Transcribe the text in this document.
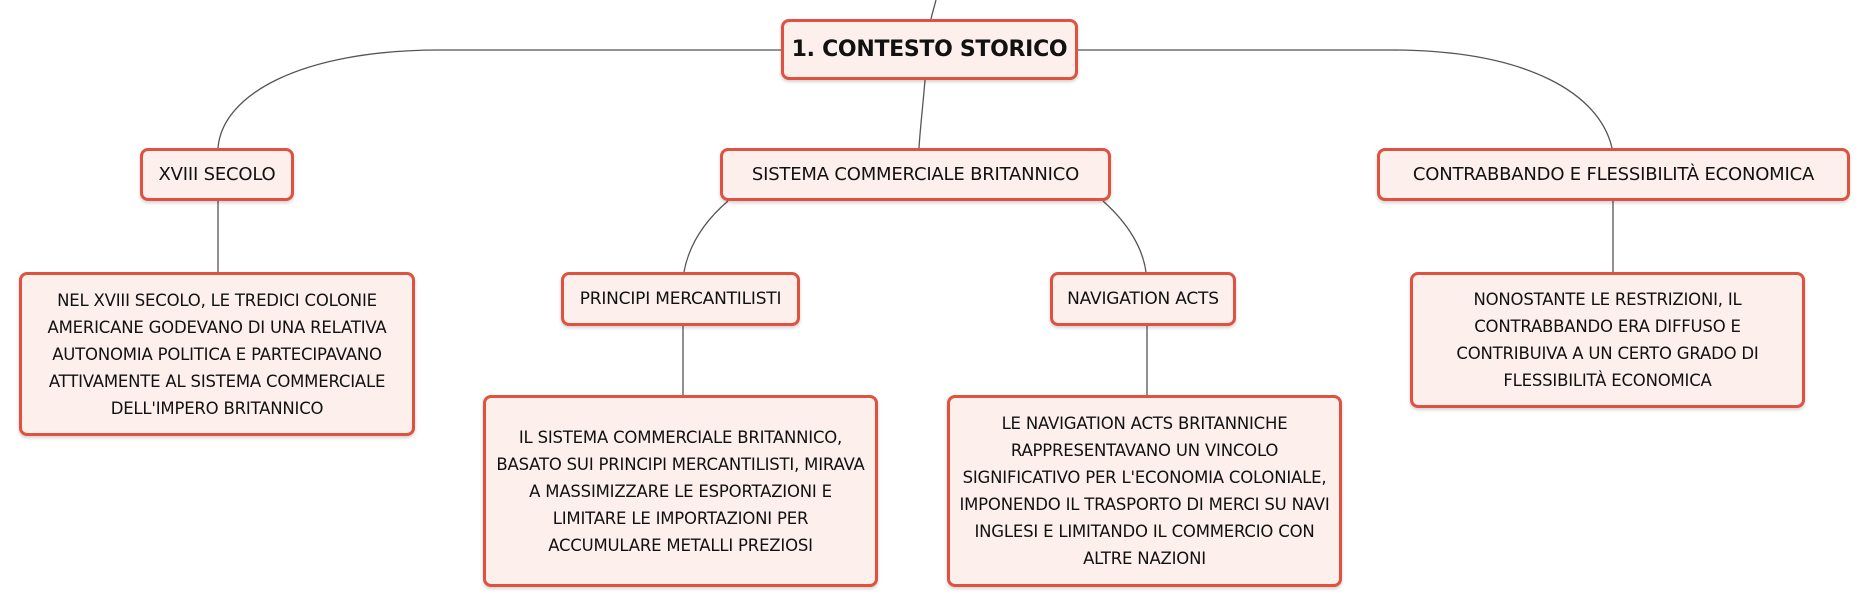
1. CONTESTO STORICO
XVIII SECOLO	SISTEMA COMMERCIALE BRITANNICO	CONTRABBANDO E FLESSIBILITÀ ECONOMICA
NEL XVIII SECOLO, LE TREDICI COLONIE AMERICANE GODEVANO DI UNA RELATIVA AUTONOMIA POLITICA E PARTECIPAVANO ATTIVAMENTE AL SISTEMA COMMERCIALE DELL'IMPERO BRITANNICO
PRINCIPI MERCANTILISTI	NAVIGATION ACTS	NONOSTANTE LE RESTRIZIONI, IL CONTRABBANDO ERA DIFFUSO E CONTRIBUIVA A UN CERTO GRADO DI FLESSIBILITÀ ECONOMICA
IL SISTEMA COMMERCIALE BRITANNICO, BASATO SUI PRINCIPI MERCANTILISTI, MIRAVA A MASSIMIZZARE LE ESPORTAZIONI E LIMITARE LE IMPORTAZIONI PER ACCUMULARE METALLI PREZIOSI
LE NAVIGATION ACTS BRITANNICHE RAPPRESENTAVANO UN VINCOLO SIGNIFICATIVO PER L'ECONOMIA COLONIALE, IMPONENDO IL TRASPORTO DI MERCI SU NAVI INGLESI E LIMITANDO IL COMMERCIO CON ALTRE NAZIONI
